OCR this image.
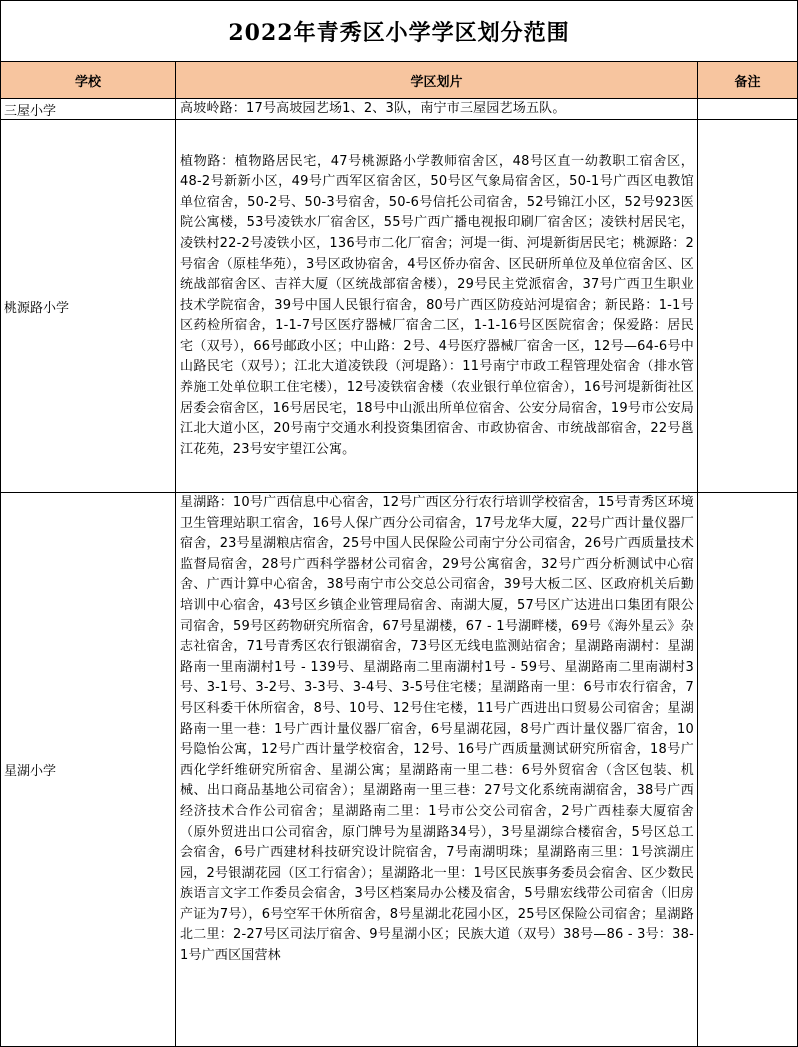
2022年青秀区小学学区划分范围		
学校	学区划片	备注
三屋小学	高坡岭路：17号高坡园艺场1、2、3队，南宁市三屋园艺场五队。	
桃源路小学	植物路：植物路居民宅，47号桃源路小学教师宿舍区，48号区直一幼教职工宿舍区，48-2号新新小区，49号广西军区宿舍区，50号区气象局宿舍区，50-1号广西区电教馆单位宿舍，50-2号、50-3号宿舍，50-6号信托公司宿舍，52号锦江小区，52号923医院公寓楼，53号凌铁水厂宿舍区，55号广西广播电视报印刷厂宿舍区；凌铁村居民宅，凌铁村22-2号凌铁小区，136号市二化厂宿舍；河堤一街、河堤新街居民宅；桃源路：2号宿舍（原桂华苑），3号区政协宿舍，4号区侨办宿舍、区民研所单位及单位宿舍区、区统战部宿舍区、吉祥大厦（区统战部宿舍楼），29号民主党派宿舍，37号广西卫生职业技术学院宿舍，39号中国人民银行宿舍，80号广西区防疫站河堤宿舍；新民路：1-1号区药检所宿舍，1-1-7号区医疗器械厂宿舍二区，1-1-16号区医院宿舍；保爱路：居民宅（双号），66号邮政小区；中山路：2号、4号医疗器械厂宿舍一区，12号—64-6号中山路民宅（双号）；江北大道凌铁段（河堤路）：11号南宁市政工程管理处宿舍（排水管养施工处单位职工住宅楼），12号凌铁宿舍楼（农业银行单位宿舍），16号河堤新街社区居委会宿舍区，16号居民宅，18号中山派出所单位宿舍、公安分局宿舍，19号市公安局江北大道小区，20号南宁交通水利投资集团宿舍、市政协宿舍、市统战部宿舍，22号邕江花苑，23号安宇望江公寓。	
星湖小学	星湖路：10号广西信息中心宿舍，12号广西区分行农行培训学校宿舍，15号青秀区环境卫生管理站职工宿舍，16号人保广西分公司宿舍，17号龙华大厦，22号广西计量仪器厂宿舍，23号星湖粮店宿舍，25号中国人民保险公司南宁分公司宿舍，26号广西质量技术监督局宿舍，28号广西科学器材公司宿舍，29号公寓宿舍，32号广西分析测试中心宿舍、广西计算中心宿舍，38号南宁市公交总公司宿舍，39号大板二区、区政府机关后勤培训中心宿舍，43号区乡镇企业管理局宿舍、南湖大厦，57号区广达进出口集团有限公司宿舍，59号区药物研究所宿舍，67号星湖楼，67 - 1号湖畔楼，69号《海外星云》杂志社宿舍，71号青秀区农行银湖宿舍，73号区无线电监测站宿舍；星湖路南湖村：星湖路南一里南湖村1号 - 139号、星湖路南二里南湖村1号 - 59号、星湖路南二里南湖村3号、3-1号、3-2号、3-3号、3-4号、3-5号住宅楼；星湖路南一里：6号市农行宿舍，7号区科委干休所宿舍，8号、10号、12号住宅楼，11号广西进出口贸易公司宿舍；星湖路南一里一巷：1号广西计量仪器厂宿舍，6号星湖花园，8号广西计量仪器厂宿舍，10号隐怡公寓，12号广西计量学校宿舍，12号、16号广西质量测试研究所宿舍，18号广西化学纤维研究所宿舍、星湖公寓；星湖路南一里二巷：6号外贸宿舍（含区包装、机械、出口商品基地公司宿舍）；星湖路南一里三巷：27号文化系统南湖宿舍，38号广西经济技术合作公司宿舍；星湖路南二里：1号市公交公司宿舍，2号广西桂泰大厦宿舍（原外贸进出口公司宿舍，原门牌号为星湖路34号），3号星湖综合楼宿舍，5号区总工会宿舍，6号广西建材科技研究设计院宿舍，7号南湖明珠；星湖路南三里：1号滨湖庄园，2号银湖花园（区工行宿舍）；星湖路北一里：1号区民族事务委员会宿舍、区少数民族语言文字工作委员会宿舍，3号区档案局办公楼及宿舍，5号鼎宏线带公司宿舍（旧房产证为7号），6号空军干休所宿舍，8号星湖北花园小区，25号区保险公司宿舍；星湖路北二里：2-27号区司法厅宿舍、9号星湖小区；民族大道（双号）38号—86 - 3号：38-1号广西区国营林	
